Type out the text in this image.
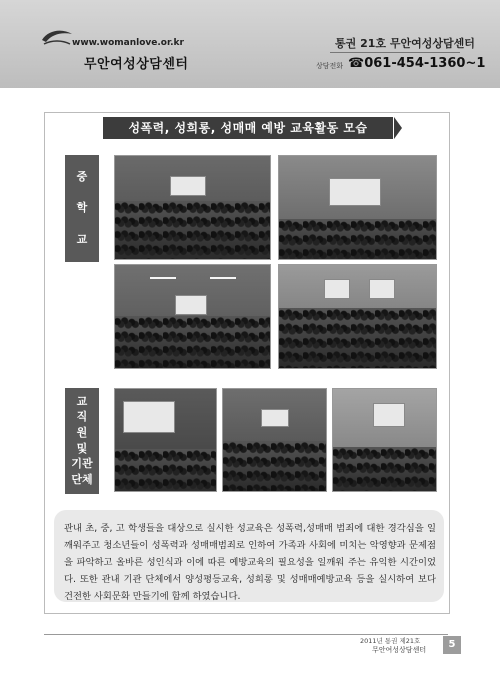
www.womanlove.or.kr
무안여성상담센터
통권 21호 무안여성상담센터
상담전화 ☎061-454-1360~1
성폭력, 성희롱, 성매매 예방 교육활동 모습
중
학
교
교
직
원
및
기관
단체
관내 초, 중, 고 학생들을 대상으로 실시한 성교육은 성폭력,성매매 범죄에 대한 경각심을 일깨워주고 청소년들이 성폭력과 성매매범죄로 인하여 가족과 사회에 미치는 악영향과 문제점을 파악하고 올바른 성인식과 이에 따른 예방교육의 필요성을 일깨워 주는 유익한 시간이었다. 또한 관내 기관 단체에서 양성평등교육, 성희롱 및 성매매예방교육 등을 실시하여 보다 건전한 사회문화 만들기에 함께 하였습니다.
2011년 통권 제21호
무안여성상담센터	5
